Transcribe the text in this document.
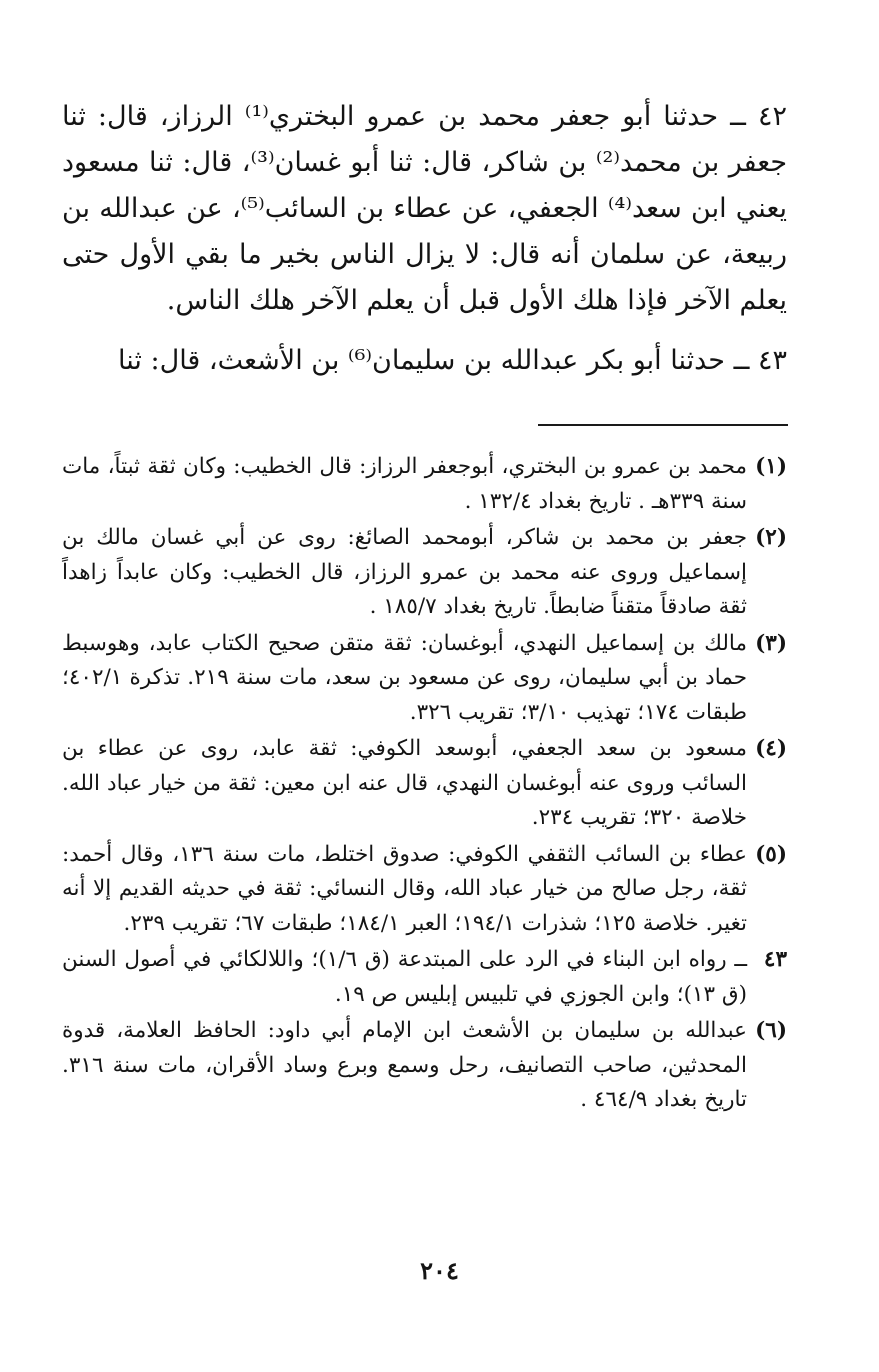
٤٢ ــ حدثنا أبو جعفر محمد بن عمرو البختري⁽¹⁾ الرزاز، قال: ثنا جعفر بن محمد⁽²⁾ بن شاكر، قال: ثنا أبو غسان⁽³⁾، قال: ثنا مسعود يعني ابن سعد⁽⁴⁾ الجعفي، عن عطاء بن السائب⁽⁵⁾، عن عبدالله بن ربيعة، عن سلمان أنه قال: لا يزال الناس بخير ما بقي الأول حتى يعلم الآخر فإذا هلك الأول قبل أن يعلم الآخر هلك الناس.

٤٣ ــ حدثنا أبو بكر عبدالله بن سليمان⁽⁶⁾ بن الأشعث، قال: ثنا

(١)
محمد بن عمرو بن البختري، أبوجعفر الرزاز: قال الخطيب: وكان ثقة ثبتاً، مات سنة ٣٣٩هـ . تاريخ بغداد ١٣٢/٤ .
(٢)
جعفر بن محمد بن شاكر، أبومحمد الصائغ: روى عن أبي غسان مالك بن إسماعيل وروى عنه محمد بن عمرو الرزاز، قال الخطيب: وكان عابداً زاهداً ثقة صادقاً متقناً ضابطاً. تاريخ بغداد ١٨٥/٧ .
(٣)
مالك بن إسماعيل النهدي، أبوغسان: ثقة متقن صحيح الكتاب عابد، وهوسبط حماد بن أبي سليمان، روى عن مسعود بن سعد، مات سنة ٢١٩. تذكرة ٤٠٢/١؛ طبقات ١٧٤؛ تهذيب ٣/١٠؛ تقريب ٣٢٦.
(٤)
مسعود بن سعد الجعفي، أبوسعد الكوفي: ثقة عابد، روى عن عطاء بن السائب وروى عنه أبوغسان النهدي، قال عنه ابن معين: ثقة من خيار عباد الله. خلاصة ٣٢٠؛ تقريب ٢٣٤.
(٥)
عطاء بن السائب الثقفي الكوفي: صدوق اختلط، مات سنة ١٣٦، وقال أحمد: ثقة، رجل صالح من خيار عباد الله، وقال النسائي: ثقة في حديثه القديم إلا أنه تغير. خلاصة ١٢٥؛ شذرات ١٩٤/١؛ العبر ١٨٤/١؛ طبقات ٦٧؛ تقريب ٢٣٩.
٤٣
ــ رواه ابن البناء في الرد على المبتدعة (ق ١/٦)؛ واللالكائي في أصول السنن (ق ١٣)؛ وابن الجوزي في تلبيس إبليس ص ١٩.
(٦)
عبدالله بن سليمان بن الأشعث ابن الإمام أبي داود: الحافظ العلامة، قدوة المحدثين، صاحب التصانيف، رحل وسمع وبرع وساد الأقران، مات سنة ٣١٦. تاريخ بغداد ٤٦٤/٩ .
٢٠٤
